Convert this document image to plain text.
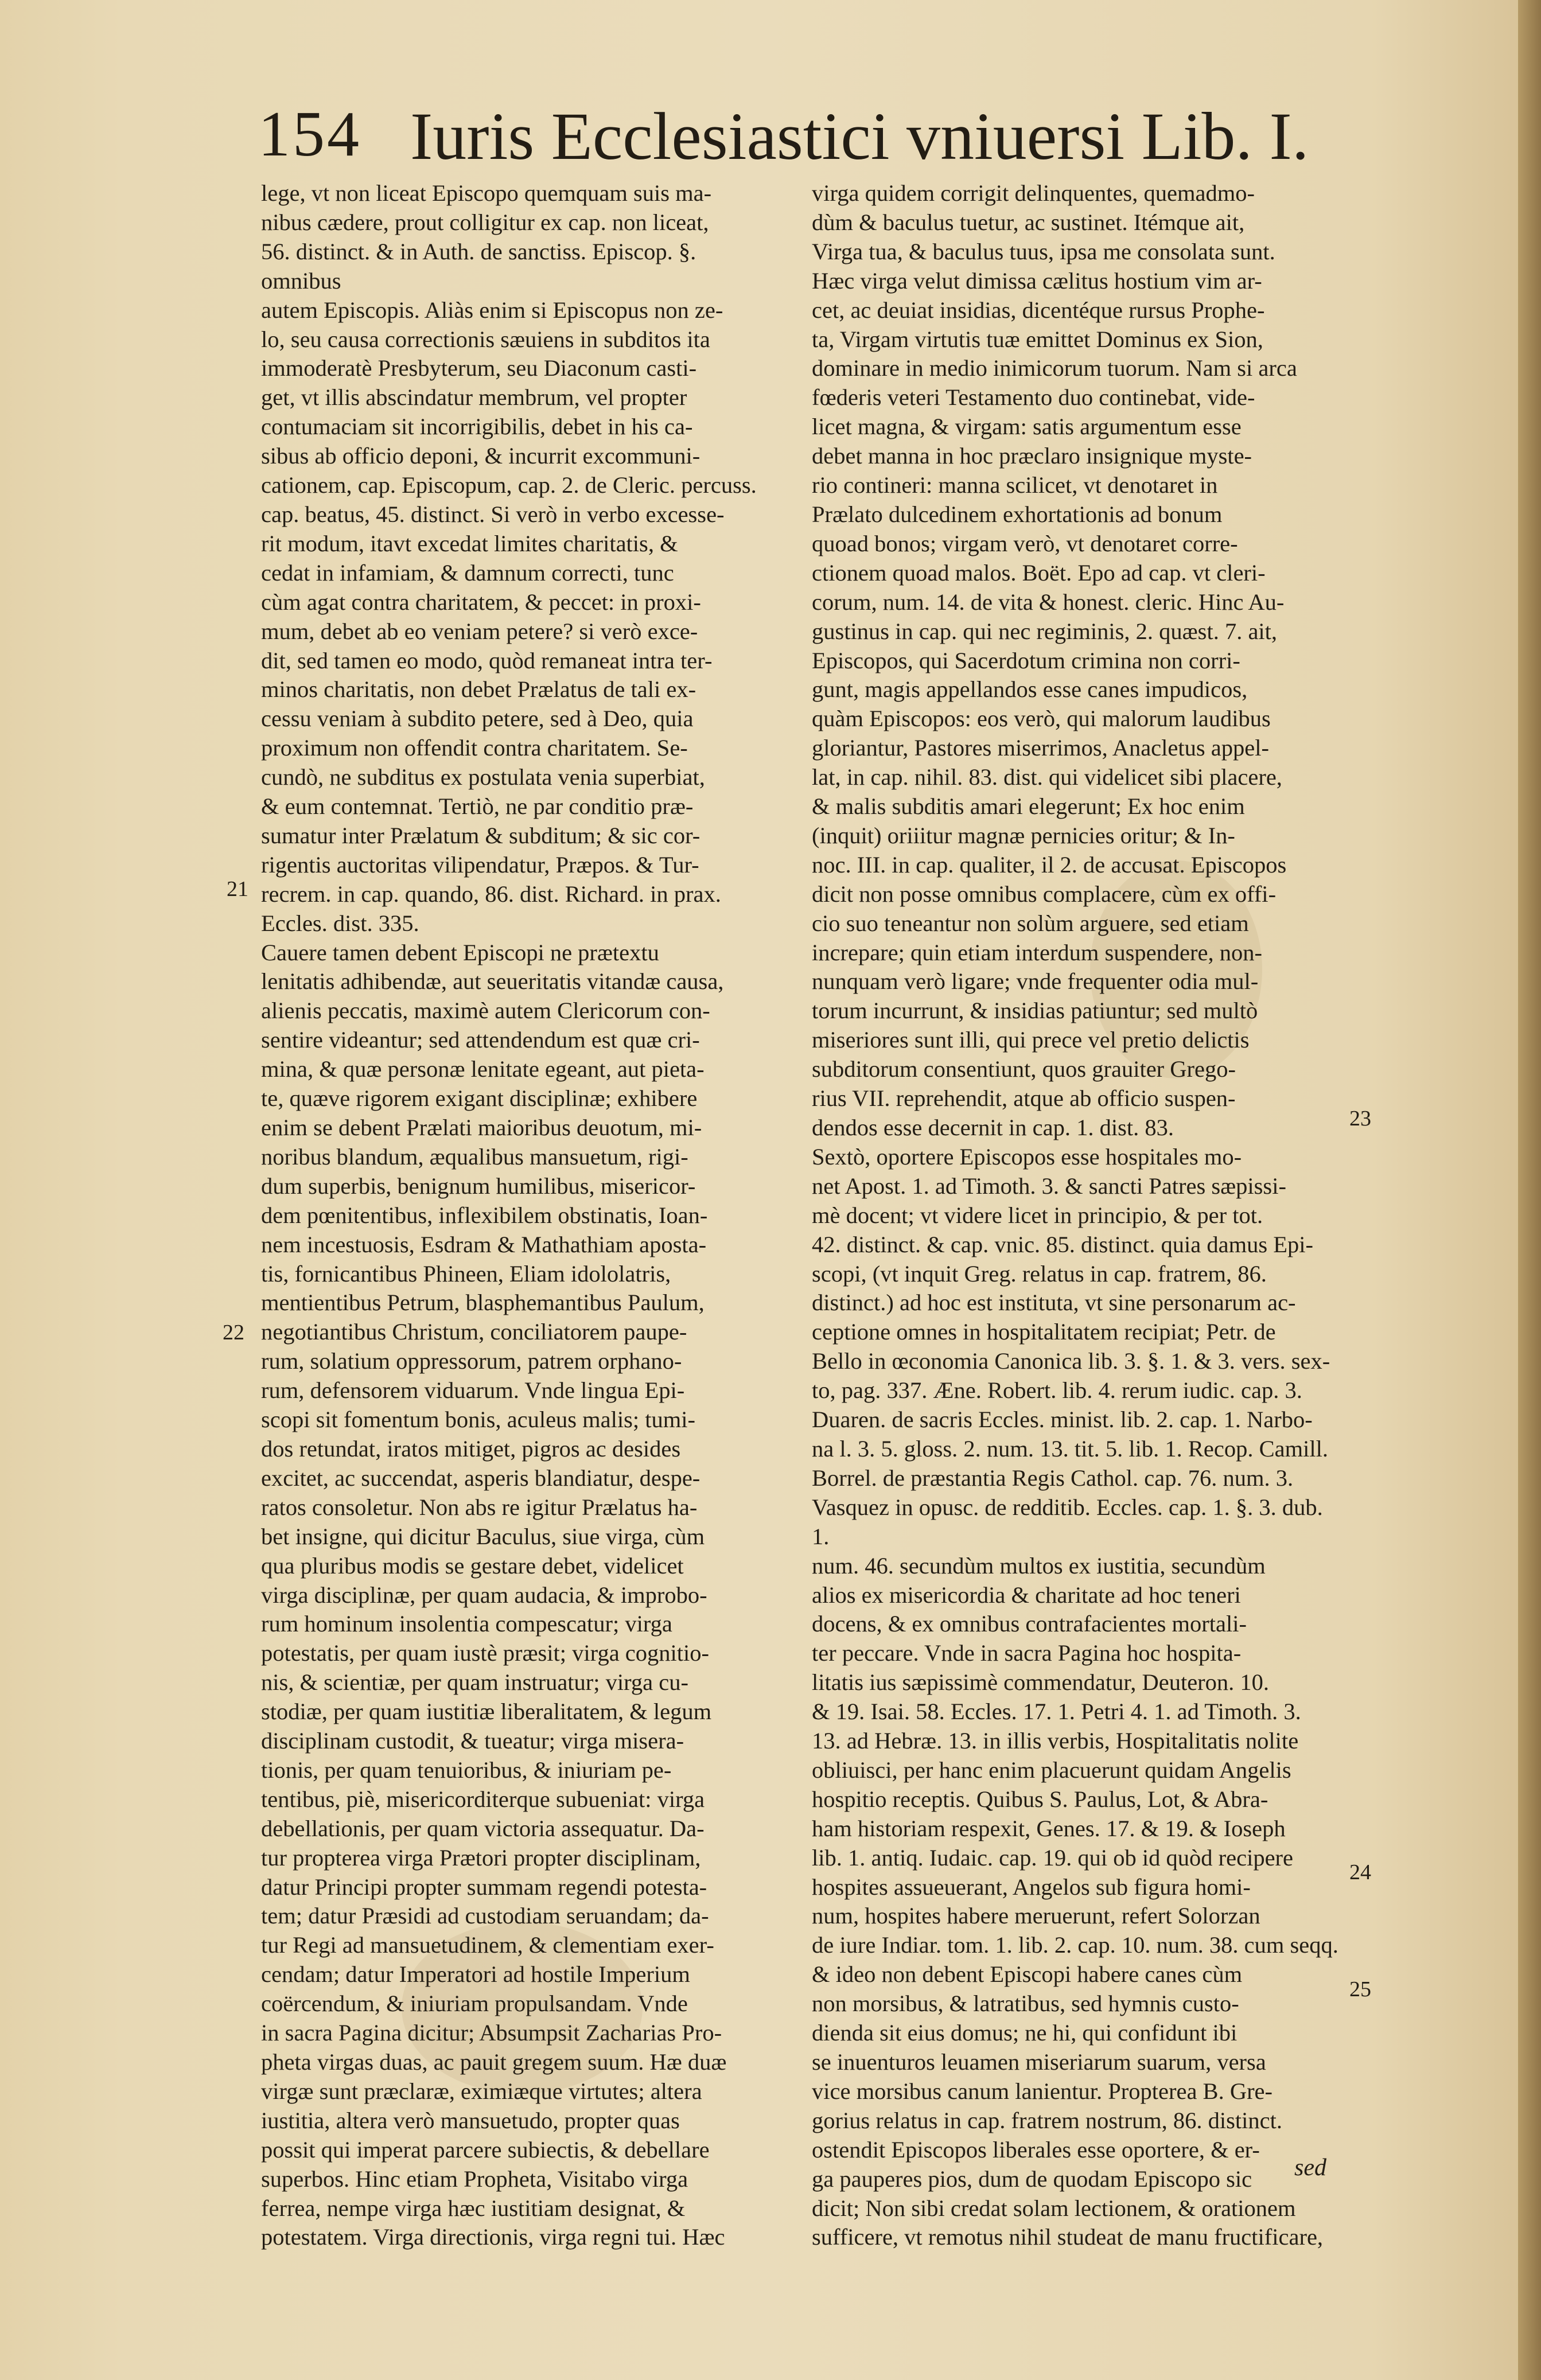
154 Iuris Ecclesiastici vniuersi Lib. I.

lege, vt non liceat Episcopo quemquam suis ma-

nibus cædere, prout colligitur ex cap. non liceat,

56. distinct. & in Auth. de sanctiss. Episcop. §. omnibus

autem Episcopis. Aliàs enim si Episcopus non ze-

lo, seu causa correctionis sæuiens in subditos ita

immoderatè Presbyterum, seu Diaconum casti-

get, vt illis abscindatur membrum, vel propter

contumaciam sit incorrigibilis, debet in his ca-

sibus ab officio deponi, & incurrit excommuni-

cationem, cap. Episcopum, cap. 2. de Cleric. percuss.

cap. beatus, 45. distinct. Si verò in verbo excesse-

rit modum, itavt excedat limites charitatis, &

cedat in infamiam, & damnum correcti, tunc

cùm agat contra charitatem, & peccet: in proxi-

mum, debet ab eo veniam petere? si verò exce-

dit, sed tamen eo modo, quòd remaneat intra ter-

minos charitatis, non debet Prælatus de tali ex-

cessu veniam à subdito petere, sed à Deo, quia

proximum non offendit contra charitatem. Se-

cundò, ne subditus ex postulata venia superbiat,

& eum contemnat. Tertiò, ne par conditio præ-

sumatur inter Prælatum & subditum; & sic cor-

rigentis auctoritas vilipendatur, Præpos. & Tur-

recrem. in cap. quando, 86. dist. Richard. in prax.

Eccles. dist. 335.

Cauere tamen debent Episcopi ne prætextu

lenitatis adhibendæ, aut seueritatis vitandæ causa,

alienis peccatis, maximè autem Clericorum con-

sentire videantur; sed attendendum est quæ cri-

mina, & quæ personæ lenitate egeant, aut pieta-

te, quæve rigorem exigant disciplinæ; exhibere

enim se debent Prælati maioribus deuotum, mi-

noribus blandum, æqualibus mansuetum, rigi-

dum superbis, benignum humilibus, misericor-

dem pœnitentibus, inflexibilem obstinatis, Ioan-

nem incestuosis, Esdram & Mathathiam aposta-

tis, fornicantibus Phineen, Eliam idololatris,

mentientibus Petrum, blasphemantibus Paulum,

negotiantibus Christum, conciliatorem paupe-

rum, solatium oppressorum, patrem orphano-

rum, defensorem viduarum. Vnde lingua Epi-

scopi sit fomentum bonis, aculeus malis; tumi-

dos retundat, iratos mitiget, pigros ac desides

excitet, ac succendat, asperis blandiatur, despe-

ratos consoletur. Non abs re igitur Prælatus ha-

bet insigne, qui dicitur Baculus, siue virga, cùm

qua pluribus modis se gestare debet, videlicet

virga disciplinæ, per quam audacia, & improbo-

rum hominum insolentia compescatur; virga

potestatis, per quam iustè præsit; virga cognitio-

nis, & scientiæ, per quam instruatur; virga cu-

stodiæ, per quam iustitiæ liberalitatem, & legum

disciplinam custodit, & tueatur; virga misera-

tionis, per quam tenuioribus, & iniuriam pe-

tentibus, piè, misericorditerque subueniat: virga

debellationis, per quam victoria assequatur. Da-

tur propterea virga Prætori propter disciplinam,

datur Principi propter summam regendi potesta-

tem; datur Præsidi ad custodiam seruandam; da-

tur Regi ad mansuetudinem, & clementiam exer-

cendam; datur Imperatori ad hostile Imperium

coërcendum, & iniuriam propulsandam. Vnde

in sacra Pagina dicitur; Absumpsit Zacharias Pro-

pheta virgas duas, ac pauit gregem suum. Hæ duæ

virgæ sunt præclaræ, eximiæque virtutes; altera

iustitia, altera verò mansuetudo, propter quas

possit qui imperat parcere subiectis, & debellare

superbos. Hinc etiam Propheta, Visitabo virga

ferrea, nempe virga hæc iustitiam designat, &

potestatem. Virga directionis, virga regni tui. Hæc

virga quidem corrigit delinquentes, quemadmo-

dùm & baculus tuetur, ac sustinet. Itémque ait,

Virga tua, & baculus tuus, ipsa me consolata sunt.

Hæc virga velut dimissa cælitus hostium vim ar-

cet, ac deuiat insidias, dicentéque rursus Prophe-

ta, Virgam virtutis tuæ emittet Dominus ex Sion,

dominare in medio inimicorum tuorum. Nam si arca

fœderis veteri Testamento duo continebat, vide-

licet magna, & virgam: satis argumentum esse

debet manna in hoc præclaro insignique myste-

rio contineri: manna scilicet, vt denotaret in

Prælato dulcedinem exhortationis ad bonum

quoad bonos; virgam verò, vt denotaret corre-

ctionem quoad malos. Boët. Epo ad cap. vt cleri-

corum, num. 14. de vita & honest. cleric. Hinc Au-

gustinus in cap. qui nec regiminis, 2. quæst. 7. ait,

Episcopos, qui Sacerdotum crimina non corri-

gunt, magis appellandos esse canes impudicos,

quàm Episcopos: eos verò, qui malorum laudibus

gloriantur, Pastores miserrimos, Anacletus appel-

lat, in cap. nihil. 83. dist. qui videlicet sibi placere,

& malis subditis amari elegerunt; Ex hoc enim

(inquit) oriiitur magnæ pernicies oritur; & In-

noc. III. in cap. qualiter, il 2. de accusat. Episcopos

dicit non posse omnibus complacere, cùm ex offi-

cio suo teneantur non solùm arguere, sed etiam

increpare; quin etiam interdum suspendere, non-

nunquam verò ligare; vnde frequenter odia mul-

torum incurrunt, & insidias patiuntur; sed multò

miseriores sunt illi, qui prece vel pretio delictis

subditorum consentiunt, quos grauiter Grego-

rius VII. reprehendit, atque ab officio suspen-

dendos esse decernit in cap. 1. dist. 83.

Sextò, oportere Episcopos esse hospitales mo-

net Apost. 1. ad Timoth. 3. & sancti Patres sæpissi-

mè docent; vt videre licet in principio, & per tot.

42. distinct. & cap. vnic. 85. distinct. quia damus Epi-

scopi, (vt inquit Greg. relatus in cap. fratrem, 86.

distinct.) ad hoc est instituta, vt sine personarum ac-

ceptione omnes in hospitalitatem recipiat; Petr. de

Bello in œconomia Canonica lib. 3. §. 1. & 3. vers. sex-

to, pag. 337. Æne. Robert. lib. 4. rerum iudic. cap. 3.

Duaren. de sacris Eccles. minist. lib. 2. cap. 1. Narbo-

na l. 3. 5. gloss. 2. num. 13. tit. 5. lib. 1. Recop. Camill.

Borrel. de præstantia Regis Cathol. cap. 76. num. 3.

Vasquez in opusc. de redditib. Eccles. cap. 1. §. 3. dub. 1.

num. 46. secundùm multos ex iustitia, secundùm

alios ex misericordia & charitate ad hoc teneri

docens, & ex omnibus contrafacientes mortali-

ter peccare. Vnde in sacra Pagina hoc hospita-

litatis ius sæpissimè commendatur, Deuteron. 10.

& 19. Isai. 58. Eccles. 17. 1. Petri 4. 1. ad Timoth. 3.

13. ad Hebræ. 13. in illis verbis, Hospitalitatis nolite

obliuisci, per hanc enim placuerunt quidam Angelis

hospitio receptis. Quibus S. Paulus, Lot, & Abra-

ham historiam respexit, Genes. 17. & 19. & Ioseph

lib. 1. antiq. Iudaic. cap. 19. qui ob id quòd recipere

hospites assueuerant, Angelos sub figura homi-

num, hospites habere meruerunt, refert Solorzan

de iure Indiar. tom. 1. lib. 2. cap. 10. num. 38. cum seqq.

& ideo non debent Episcopi habere canes cùm

non morsibus, & latratibus, sed hymnis custo-

dienda sit eius domus; ne hi, qui confidunt ibi

se inuenturos leuamen miseriarum suarum, versa

vice morsibus canum lanientur. Propterea B. Gre-

gorius relatus in cap. fratrem nostrum, 86. distinct.

ostendit Episcopos liberales esse oportere, & er-

ga pauperes pios, dum de quodam Episcopo sic

dicit; Non sibi credat solam lectionem, & orationem

sufficere, vt remotus nihil studeat de manu fructificare,

21
22
23
24
25
sed
